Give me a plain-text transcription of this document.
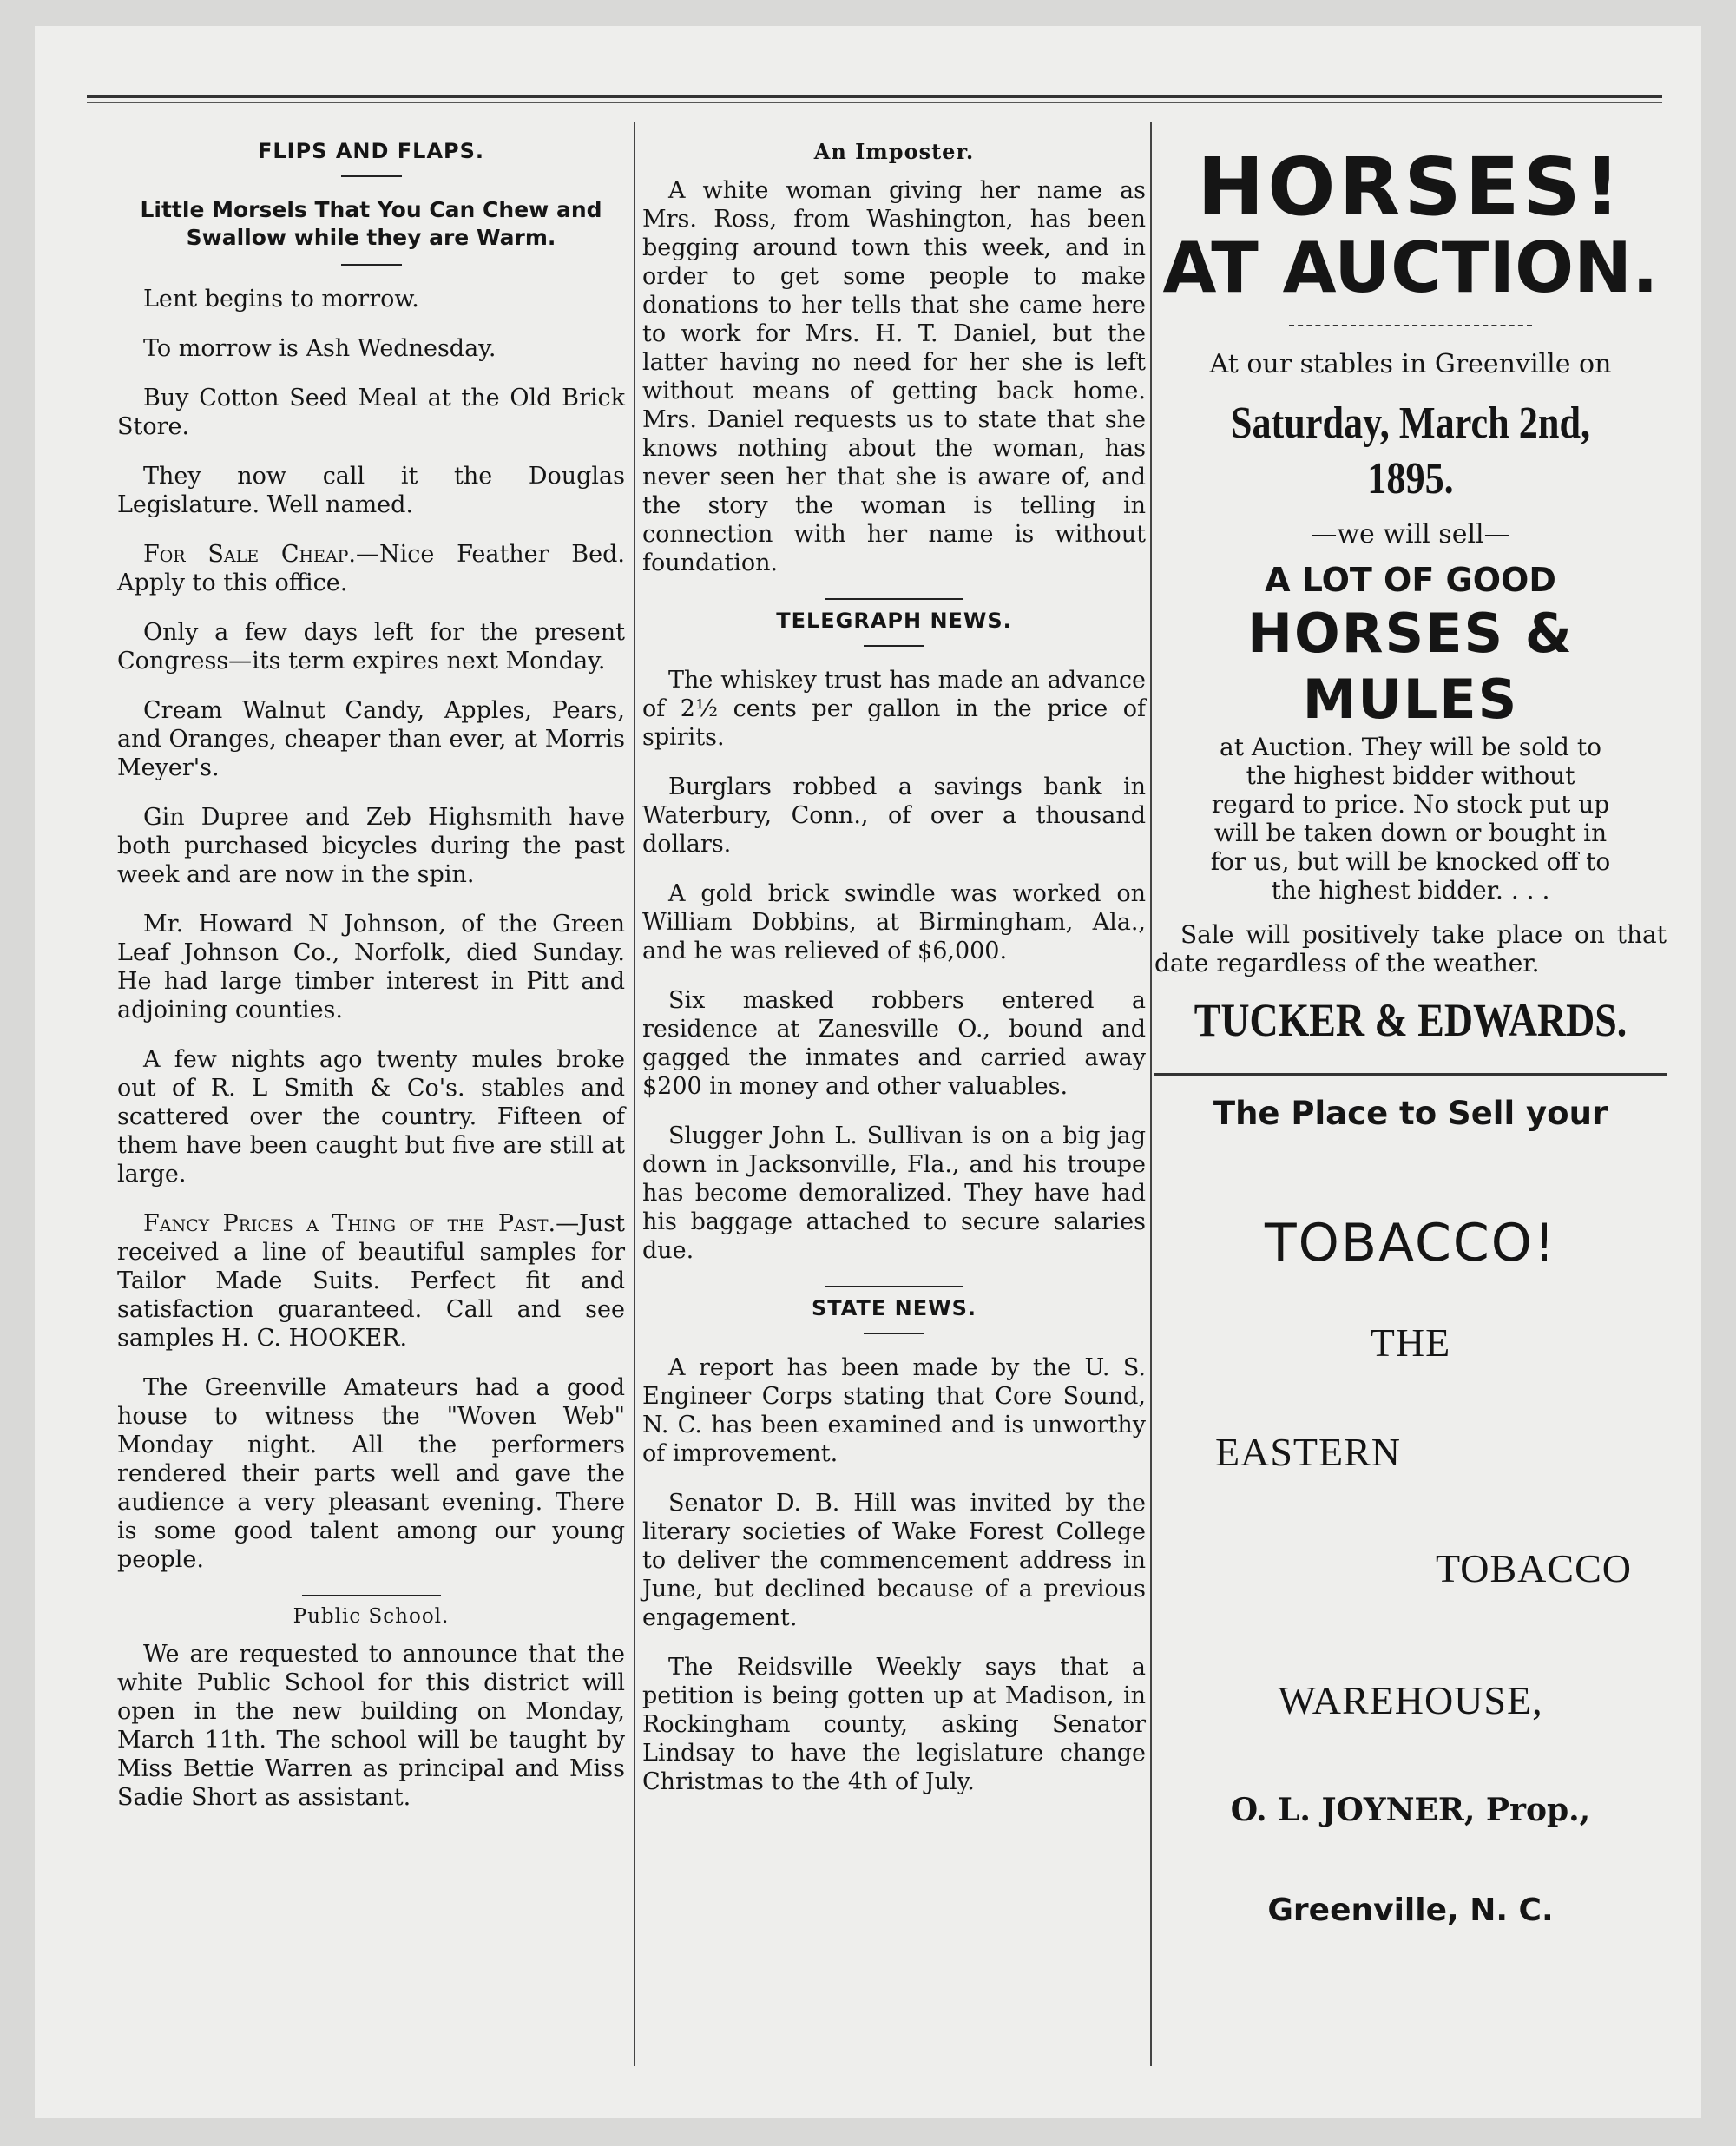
FLIPS AND FLAPS.
Little Morsels That You Can Chew and Swallow while they are Warm.

Lent begins to morrow.

To morrow is Ash Wednesday.

Buy Cotton Seed Meal at the Old Brick Store.

They now call it the Douglas Legislature. Well named.

For Sale Cheap.—Nice Feather Bed. Apply to this office.

Only a few days left for the present Congress—its term expires next Monday.

Cream Walnut Candy, Apples, Pears, and Oranges, cheaper than ever, at Morris Meyer's.

Gin Dupree and Zeb Highsmith have both purchased bicycles during the past week and are now in the spin.

Mr. Howard N Johnson, of the Green Leaf Johnson Co., Norfolk, died Sunday. He had large timber interest in Pitt and adjoining counties.

A few nights ago twenty mules broke out of R. L Smith & Co's. stables and scattered over the country. Fifteen of them have been caught but five are still at large.

Fancy Prices a Thing of the Past.—Just received a line of beautiful samples for Tailor Made Suits. Perfect fit and satisfaction guaranteed. Call and see samples H. C. HOOKER.

The Greenville Amateurs had a good house to witness the "Woven Web" Monday night. All the performers rendered their parts well and gave the audience a very pleasant evening. There is some good talent among our young people.

Public School.

We are requested to announce that the white Public School for this district will open in the new building on Monday, March 11th. The school will be taught by Miss Bettie Warren as principal and Miss Sadie Short as assistant.

An Imposter.

A white woman giving her name as Mrs. Ross, from Washington, has been begging around town this week, and in order to get some people to make donations to her tells that she came here to work for Mrs. H. T. Daniel, but the latter having no need for her she is left without means of getting back home. Mrs. Daniel requests us to state that she knows nothing about the woman, has never seen her that she is aware of, and the story the woman is telling in connection with her name is without foundation.

TELEGRAPH NEWS.

The whiskey trust has made an advance of 2½ cents per gallon in the price of spirits.

Burglars robbed a savings bank in Waterbury, Conn., of over a thousand dollars.

A gold brick swindle was worked on William Dobbins, at Birmingham, Ala., and he was relieved of $6,000.

Six masked robbers entered a residence at Zanesville O., bound and gagged the inmates and carried away $200 in money and other valuables.

Slugger John L. Sullivan is on a big jag down in Jacksonville, Fla., and his troupe has become demoralized. They have had his baggage attached to secure salaries due.

STATE NEWS.

A report has been made by the U. S. Engineer Corps stating that Core Sound, N. C. has been examined and is unworthy of improvement.

Senator D. B. Hill was invited by the literary societies of Wake Forest College to deliver the commencement address in June, but declined because of a previous engagement.

The Reidsville Weekly says that a petition is being gotten up at Madison, in Rockingham county, asking Senator Lindsay to have the legislature change Christmas to the 4th of July.

HORSES!
AT AUCTION.
At our stables in Greenville on
Saturday, March 2nd, 1895.
—we will sell—
A LOT OF GOOD
HORSES & MULES
at Auction. They will be sold to the highest bidder without regard to price. No stock put up will be taken down or bought in for us, but will be knocked off to the highest bidder. . . .
Sale will positively take place on that date regardless of the weather.
TUCKER & EDWARDS.
The Place to Sell your
TOBACCO!
THE
EASTERN
TOBACCO
WAREHOUSE,
O. L. JOYNER, Prop.,
Greenville, N. C.
